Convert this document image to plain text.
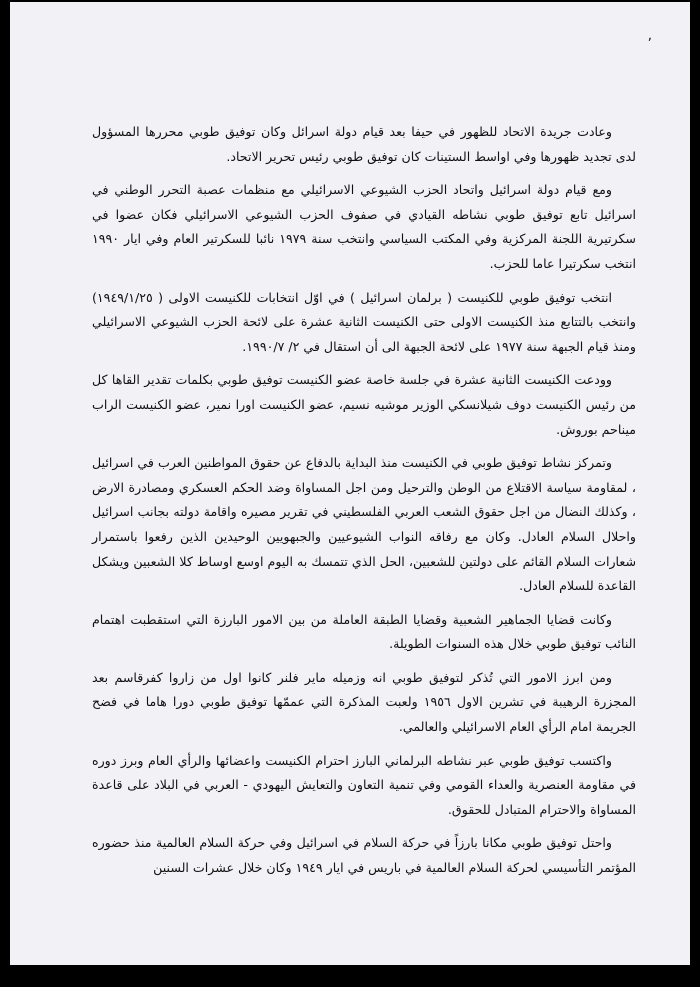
٬

وعادت جريدة الاتحاد للظهور في حيفا بعد قيام دولة اسرائل وكان توفيق طوبي محررها المسؤول لدى تجديد ظهورها وفي اواسط الستينات كان توفيق طوبي رئيس تحرير الاتحاد.

ومع قيام دولة اسرائيل واتحاد الحزب الشيوعي الاسرائيلي مع منظمات عصبة التحرر الوطني في اسرائيل تابع توفيق طوبي نشاطه القيادي في صفوف الحزب الشيوعي الاسرائيلي فكان عضوا في سكرتيرية اللجنة المركزية وفي المكتب السياسي وانتخب سنة ١٩٧٩ نائبا للسكرتير العام وفي ايار ١٩٩٠ انتخب سكرتيرا عاما للحزب.

انتخب توفيق طوبي للكنيست ( برلمان اسرائيل ) في اوّل انتخابات للكنيست الاولى ( ١٩٤٩/١/٢٥) وانتخب بالتتابع منذ الكنيست الاولى حتى الكنيست الثانية عشرة على لائحة الحزب الشيوعي الاسرائيلي ومنذ قيام الجبهة سنة ١٩٧٧ على لائحة الجبهة الى أن استقال في ٢/ ١٩٩٠/٧.

وودعت الكنيست الثانية عشرة في جلسة خاصة عضو الكنيست توفيق طوبي بكلمات تقدير القاها كل من رئيس الكنيست دوف شيلانسكي الوزير موشيه نسيم، عضو الكنيست اورا نمير، عضو الكنيست الراب ميناحم بوروش.

وتمركز نشاط توفيق طوبي في الكنيست منذ البداية بالدفاع عن حقوق المواطنين العرب في اسرائيل ، لمقاومة سياسة الاقتلاع من الوطن والترحيل ومن اجل المساواة وضد الحكم العسكري ومصادرة الارض ، وكذلك النضال من اجل حقوق الشعب العربي الفلسطيني في تقرير مصيره واقامة دولته بجانب اسرائيل واحلال السلام العادل. وكان مع رفاقه النواب الشيوعيين والجبهويين الوحيدين الذين رفعوا باستمرار شعارات السلام القائم على دولتين للشعبين، الحل الذي تتمسك به اليوم اوسع اوساط كلا الشعبين ويشكل القاعدة للسلام العادل.

وكانت قضايا الجماهير الشعبية وقضايا الطبقة العاملة من بين الامور البارزة التي استقطبت اهتمام النائب توفيق طوبي خلال هذه السنوات الطويلة.

ومن ابرز الامور التي تُذكر لتوفيق طوبي انه وزميله ماير فلنر كانوا اول من زاروا كفرقاسم بعد المجزرة الرهيبة في تشرين الاول ١٩٥٦ ولعبت المذكرة التي عممّها توفيق طوبي دورا هاما في فضح الجريمة امام الرأي العام الاسرائيلي والعالمي.

واكتسب توفيق طوبي عبر نشاطه البرلماني البارز احترام الكنيست واعضائها والرأي العام وبرز دوره في مقاومة العنصرية والعداء القومي وفي تنمية التعاون والتعايش اليهودي - العربي في البلاد على قاعدة المساواة والاحترام المتبادل للحقوق.

واحتل توفيق طوبي مكانا بارزاً في حركة السلام في اسرائيل وفي حركة السلام العالمية منذ حضوره المؤتمر التأسيسي لحركة السلام العالمية في باريس في ايار ١٩٤٩ وكان خلال عشرات السنين
